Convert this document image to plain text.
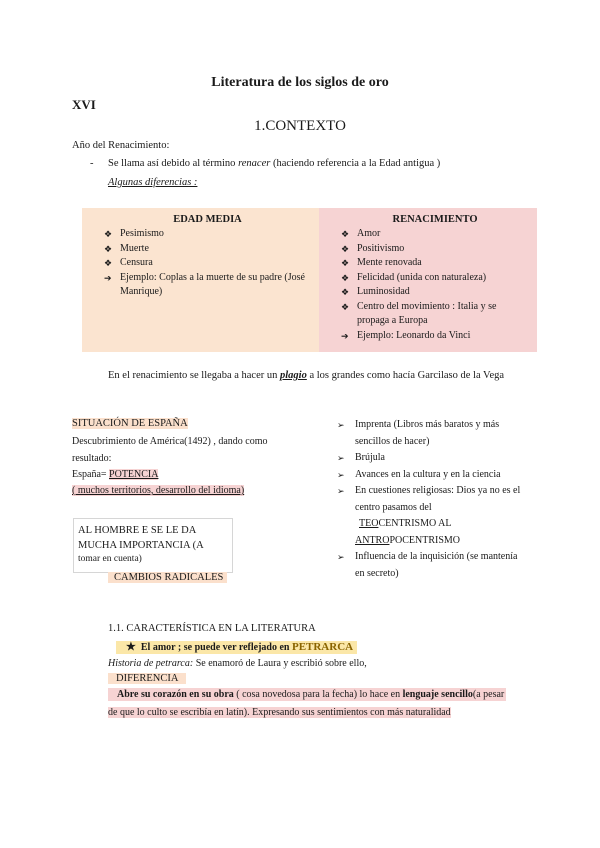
Literatura de los siglos de oro
XVI
1.CONTEXTO
Año del Renacimiento:
- Se llama así debido al término renacer (haciendo referencia a la Edad antigua )
Algunas diferencias :
EDAD MEDIA
❖ Pesimismo
❖ Muerte
❖ Censura
➔ Ejemplo: Coplas a la muerte de su padre (José Manrique)
RENACIMIENTO
❖ Amor
❖ Positivismo
❖ Mente renovada
❖ Felicidad (unida con naturaleza)
❖ Luminosidad
❖ Centro del movimiento : Italia y se propaga a Europa
➔ Ejemplo: Leonardo da Vinci
En el renacimiento se llegaba a hacer un plagio a los grandes como hacía Garcilaso de la Vega
SITUACIÓN DE ESPAÑA
Descubrimiento de América(1492) , dando como
resultado:
España= POTENCIA
( muchos territorios, desarrollo del idioma)
AL HOMBRE E SE LE DA
MUCHA IMPORTANCIA (A
tomar en cuenta)
CAMBIOS RADICALES
➢	Imprenta (Libros más baratos y más
sencillos de hacer)
➢	Brújula
➢	Avances en la cultura y en la ciencia
➢	En cuestiones religiosas: Dios ya no es el
centro pasamos del
TEOCENTRISMO AL
ANTROPOCENTRISMO
➢	Influencia de la inquisición (se mantenía
en secreto)
1.1. CARACTERÍSTICA EN LA LITERATURA
★ El amor ; se puede ver reflejado en PETRARCA
Historia de petrarca: Se enamoró de Laura y escribió sobre ello,
DIFERENCIA
Abre su corazón en su obra ( cosa novedosa para la fecha) lo hace en lenguaje sencillo(a pesar
de que lo culto se escribía en latín). Expresando sus sentimientos con más naturalidad
